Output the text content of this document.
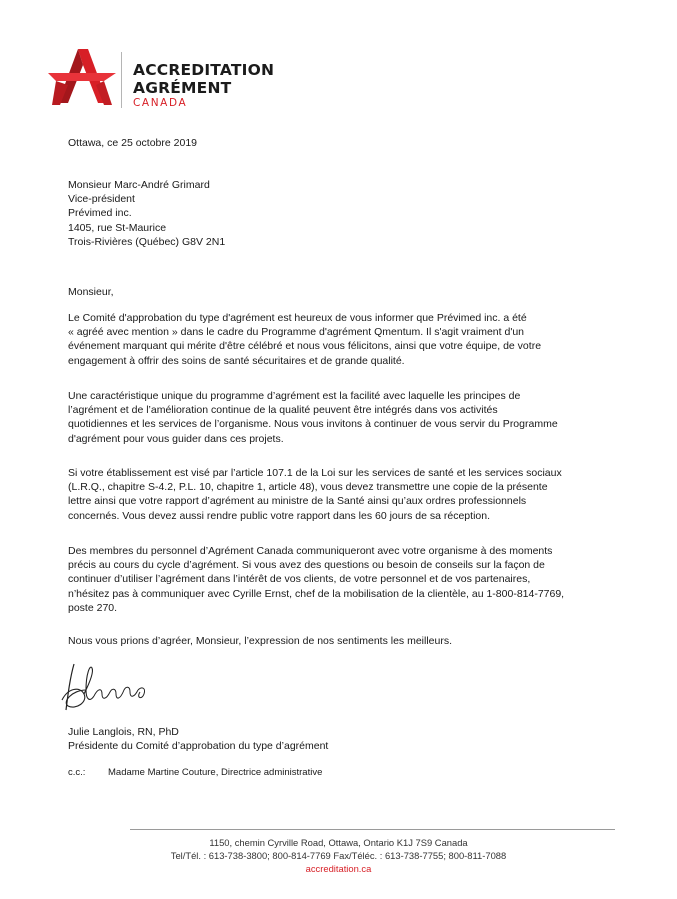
ACCREDITATION
AGRÉMENT
CANADA
Ottawa, ce 25 octobre 2019

Monsieur Marc-André Grimard

Vice-président

Prévimed inc.

1405, rue St-Maurice

Trois-Rivières (Québec) G8V 2N1

Monsieur,

Le Comité d'approbation du type d'agrément est heureux de vous informer que Prévimed inc. a été

« agréé avec mention » dans le cadre du Programme d'agrément Qmentum. Il s'agit vraiment d'un

événement marquant qui mérite d'être célébré et nous vous félicitons, ainsi que votre équipe, de votre

engagement à offrir des soins de santé sécuritaires et de grande qualité.

Une caractéristique unique du programme d’agrément est la facilité avec laquelle les principes de

l’agrément et de l’amélioration continue de la qualité peuvent être intégrés dans vos activités

quotidiennes et les services de l’organisme. Nous vous invitons à continuer de vous servir du Programme

d'agrément pour vous guider dans ces projets.

Si votre établissement est visé par l’article 107.1 de la Loi sur les services de santé et les services sociaux

(L.R.Q., chapitre S-4.2, P.L. 10, chapitre 1, article 48), vous devez transmettre une copie de la présente

lettre ainsi que votre rapport d’agrément au ministre de la Santé ainsi qu’aux ordres professionnels

concernés. Vous devez aussi rendre public votre rapport dans les 60 jours de sa réception.

Des membres du personnel d’Agrément Canada communiqueront avec votre organisme à des moments

précis au cours du cycle d’agrément. Si vous avez des questions ou besoin de conseils sur la façon de

continuer d’utiliser l’agrément dans l’intérêt de vos clients, de votre personnel et de vos partenaires,

n’hésitez pas à communiquer avec Cyrille Ernst, chef de la mobilisation de la clientèle, au 1-800-814-7769,

poste 270.

Nous vous prions d’agréer, Monsieur, l’expression de nos sentiments les meilleurs.

Julie Langlois, RN, PhD

Présidente du Comité d’approbation du type d’agrément

c.c.: Madame Martine Couture, Directrice administrative
1150, chemin Cyrville Road, Ottawa, Ontario K1J 7S9 Canada
Tel/Tél. : 613-738-3800; 800-814-7769 Fax/Téléc. : 613-738-7755; 800-811-7088
accreditation.ca
